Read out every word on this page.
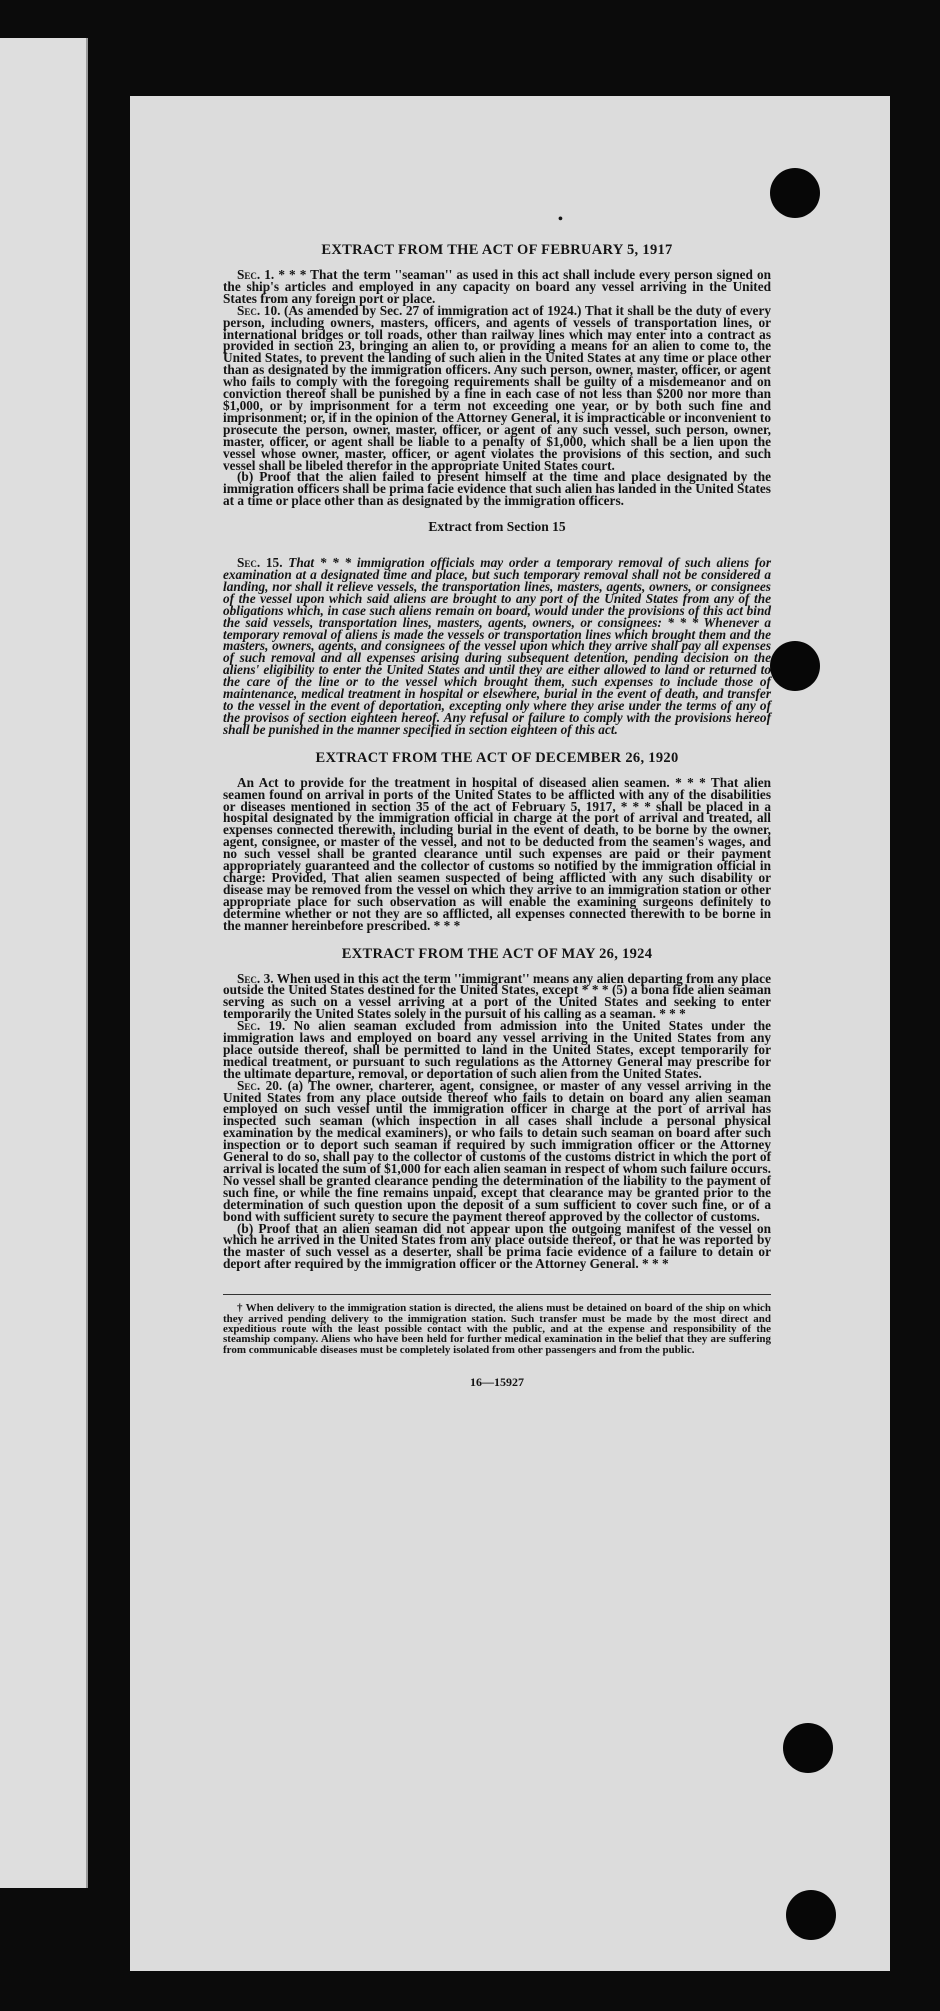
•
EXTRACT FROM THE ACT OF FEBRUARY 5, 1917

Sec. 1. * * * That the term ''seaman'' as used in this act shall include every person signed on the ship's articles and employed in any capacity on board any vessel arriving in the United States from any foreign port or place.

Sec. 10. (As amended by Sec. 27 of immigration act of 1924.) That it shall be the duty of every person, including owners, masters, officers, and agents of vessels of transportation lines, or international bridges or toll roads, other than railway lines which may enter into a contract as provided in section 23, bringing an alien to, or providing a means for an alien to come to, the United States, to prevent the landing of such alien in the United States at any time or place other than as designated by the immigration officers. Any such person, owner, master, officer, or agent who fails to comply with the foregoing requirements shall be guilty of a misdemeanor and on conviction thereof shall be punished by a fine in each case of not less than $200 nor more than $1,000, or by imprisonment for a term not exceeding one year, or by both such fine and imprisonment; or, if in the opinion of the Attorney General, it is impracticable or inconvenient to prosecute the person, owner, master, officer, or agent of any such vessel, such person, owner, master, officer, or agent shall be liable to a penalty of $1,000, which shall be a lien upon the vessel whose owner, master, officer, or agent violates the provisions of this section, and such vessel shall be libeled therefor in the appropriate United States court.

(b) Proof that the alien failed to present himself at the time and place designated by the immigration officers shall be prima facie evidence that such alien has landed in the United States at a time or place other than as designated by the immigration officers.

Extract from Section 15

Sec. 15. That * * * immigration officials may order a temporary removal of such aliens for examination at a designated time and place, but such temporary removal shall not be considered a landing, nor shall it relieve vessels, the transportation lines, masters, agents, owners, or consignees of the vessel upon which said aliens are brought to any port of the United States from any of the obligations which, in case such aliens remain on board, would under the provisions of this act bind the said vessels, transportation lines, masters, agents, owners, or consignees: * * * Whenever a temporary removal of aliens is made the vessels or transportation lines which brought them and the masters, owners, agents, and consignees of the vessel upon which they arrive shall pay all expenses of such removal and all expenses arising during subsequent detention, pending decision on the aliens' eligibility to enter the United States and until they are either allowed to land or returned to the care of the line or to the vessel which brought them, such expenses to include those of maintenance, medical treatment in hospital or elsewhere, burial in the event of death, and transfer to the vessel in the event of deportation, excepting only where they arise under the terms of any of the provisos of section eighteen hereof. Any refusal or failure to comply with the provisions hereof shall be punished in the manner specified in section eighteen of this act.

EXTRACT FROM THE ACT OF DECEMBER 26, 1920

An Act to provide for the treatment in hospital of diseased alien seamen. * * * That alien seamen found on arrival in ports of the United States to be afflicted with any of the disabilities or diseases mentioned in section 35 of the act of February 5, 1917, * * * shall be placed in a hospital designated by the immigration official in charge at the port of arrival and treated, all expenses connected therewith, including burial in the event of death, to be borne by the owner, agent, consignee, or master of the vessel, and not to be deducted from the seamen's wages, and no such vessel shall be granted clearance until such expenses are paid or their payment appropriately guaranteed and the collector of customs so notified by the immigration official in charge: Provided, That alien seamen suspected of being afflicted with any such disability or disease may be removed from the vessel on which they arrive to an immigration station or other appropriate place for such observation as will enable the examining surgeons definitely to determine whether or not they are so afflicted, all expenses connected therewith to be borne in the manner hereinbefore prescribed. * * *

EXTRACT FROM THE ACT OF MAY 26, 1924

Sec. 3. When used in this act the term ''immigrant'' means any alien departing from any place outside the United States destined for the United States, except * * * (5) a bona fide alien seaman serving as such on a vessel arriving at a port of the United States and seeking to enter temporarily the United States solely in the pursuit of his calling as a seaman. * * *

Sec. 19. No alien seaman excluded from admission into the United States under the immigration laws and employed on board any vessel arriving in the United States from any place outside thereof, shall be permitted to land in the United States, except temporarily for medical treatment, or pursuant to such regulations as the Attorney General may prescribe for the ultimate departure, removal, or deportation of such alien from the United States.

Sec. 20. (a) The owner, charterer, agent, consignee, or master of any vessel arriving in the United States from any place outside thereof who fails to detain on board any alien seaman employed on such vessel until the immigration officer in charge at the port of arrival has inspected such seaman (which inspection in all cases shall include a personal physical examination by the medical examiners), or who fails to detain such seaman on board after such inspection or to deport such seaman if required by such immigration officer or the Attorney General to do so, shall pay to the collector of customs of the customs district in which the port of arrival is located the sum of $1,000 for each alien seaman in respect of whom such failure occurs. No vessel shall be granted clearance pending the determination of the liability to the payment of such fine, or while the fine remains unpaid, except that clearance may be granted prior to the determination of such question upon the deposit of a sum sufficient to cover such fine, or of a bond with sufficient surety to secure the payment thereof approved by the collector of customs.

(b) Proof that an alien seaman did not appear upon the outgoing manifest of the vessel on which he arrived in the United States from any place outside thereof, or that he was reported by the master of such vessel as a deserter, shall be prima facie evidence of a failure to detain or deport after required by the immigration officer or the Attorney General. * * *

† When delivery to the immigration station is directed, the aliens must be detained on board of the ship on which they arrived pending delivery to the immigration station. Such transfer must be made by the most direct and expeditious route with the least possible contact with the public, and at the expense and responsibility of the steamship company. Aliens who have been held for further medical examination in the belief that they are suffering from communicable diseases must be completely isolated from other passengers and from the public.

16—15927
